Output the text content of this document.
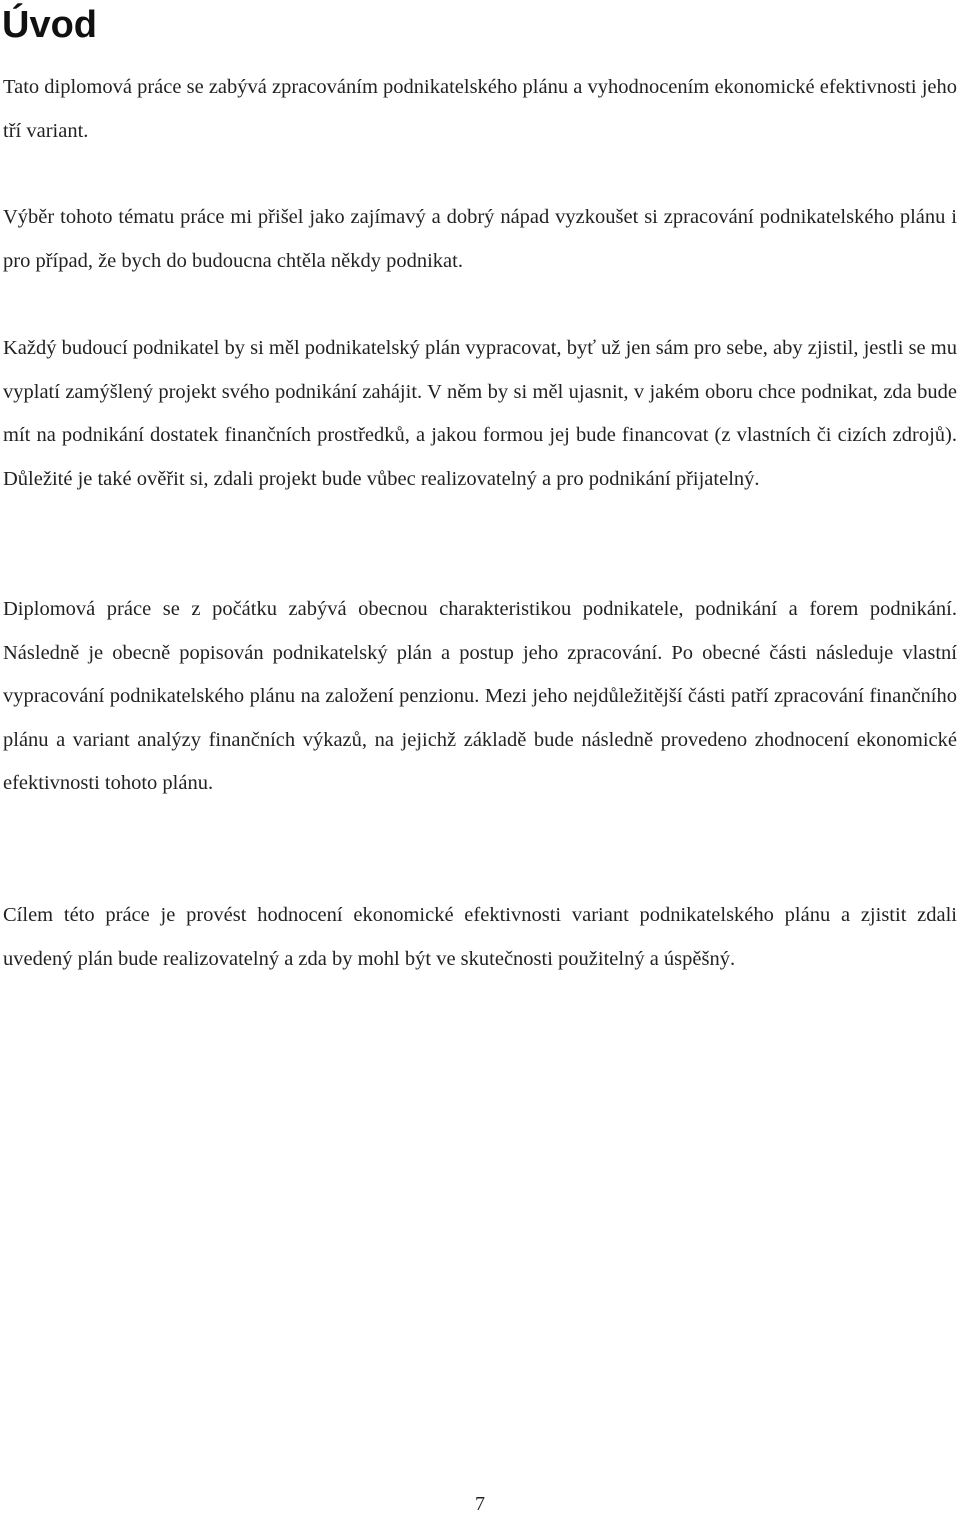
Úvod

Tato diplomová práce se zabývá zpracováním podnikatelského plánu a vyhodnocením ekonomické efektivnosti jeho tří variant.

Výběr tohoto tématu práce mi přišel jako zajímavý a dobrý nápad vyzkoušet si zpracování podnikatelského plánu i pro případ, že bych do budoucna chtěla někdy podnikat.

Každý budoucí podnikatel by si měl podnikatelský plán vypracovat, byť už jen sám pro sebe, aby zjistil, jestli se mu vyplatí zamýšlený projekt svého podnikání zahájit. V něm by si měl ujasnit, v jakém oboru chce podnikat, zda bude mít na podnikání dostatek finančních prostředků, a jakou formou jej bude financovat (z vlastních či cizích zdrojů). Důležité je také ověřit si, zdali projekt bude vůbec realizovatelný a pro podnikání přijatelný.

Diplomová práce se z počátku zabývá obecnou charakteristikou podnikatele, podnikání a forem podnikání. Následně je obecně popisován podnikatelský plán a postup jeho zpracování. Po obecné části následuje vlastní vypracování podnikatelského plánu na založení penzionu. Mezi jeho nejdůležitější části patří zpracování finančního plánu a variant analýzy finančních výkazů, na jejichž základě bude následně provedeno zhodnocení ekonomické efektivnosti tohoto plánu.

Cílem této práce je provést hodnocení ekonomické efektivnosti variant podnikatelského plánu a zjistit zdali uvedený plán bude realizovatelný a zda by mohl být ve skutečnosti použitelný a úspěšný.

7
